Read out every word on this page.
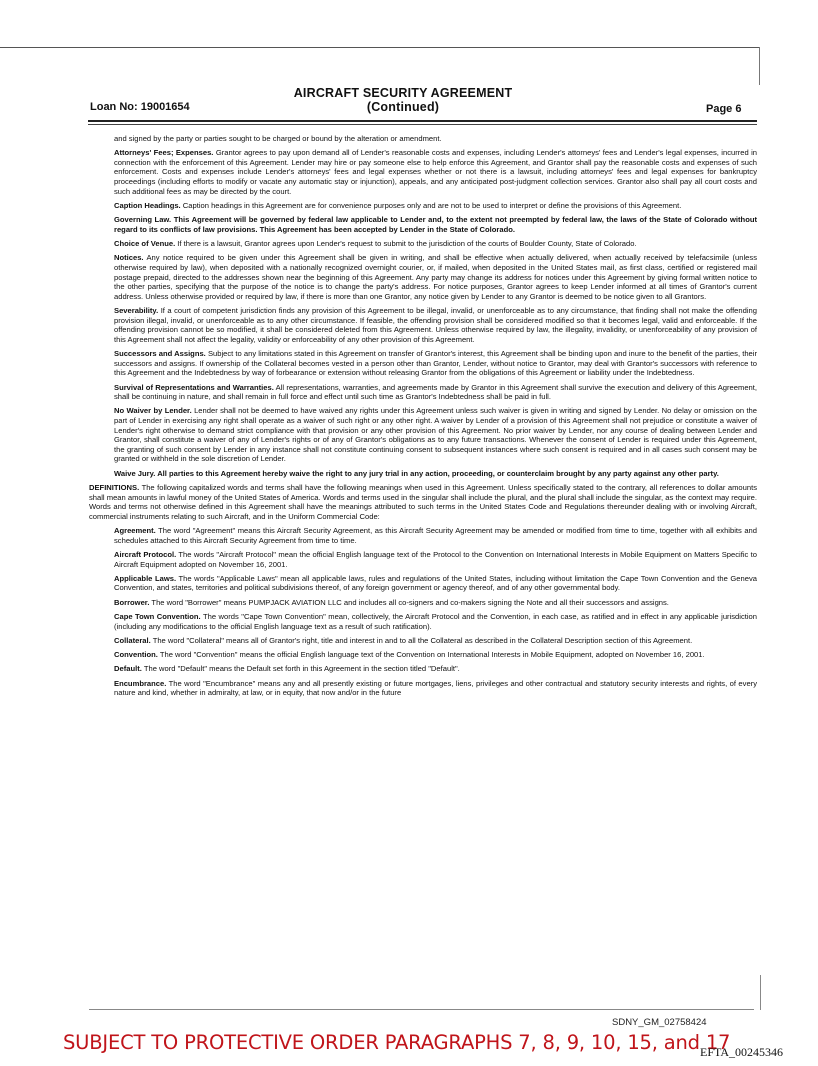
AIRCRAFT SECURITY AGREEMENT
(Continued)
Loan No: 19001654	Page 6

and signed by the party or parties sought to be charged or bound by the alteration or amendment.

Attorneys' Fees; Expenses. Grantor agrees to pay upon demand all of Lender's reasonable costs and expenses, including Lender's attorneys' fees and Lender's legal expenses, incurred in connection with the enforcement of this Agreement. Lender may hire or pay someone else to help enforce this Agreement, and Grantor shall pay the reasonable costs and expenses of such enforcement. Costs and expenses include Lender's attorneys' fees and legal expenses whether or not there is a lawsuit, including attorneys' fees and legal expenses for bankruptcy proceedings (including efforts to modify or vacate any automatic stay or injunction), appeals, and any anticipated post-judgment collection services. Grantor also shall pay all court costs and such additional fees as may be directed by the court.

Caption Headings. Caption headings in this Agreement are for convenience purposes only and are not to be used to interpret or define the provisions of this Agreement.

Governing Law. This Agreement will be governed by federal law applicable to Lender and, to the extent not preempted by federal law, the laws of the State of Colorado without regard to its conflicts of law provisions. This Agreement has been accepted by Lender in the State of Colorado.

Choice of Venue. If there is a lawsuit, Grantor agrees upon Lender's request to submit to the jurisdiction of the courts of Boulder County, State of Colorado.

Notices. Any notice required to be given under this Agreement shall be given in writing, and shall be effective when actually delivered, when actually received by telefacsimile (unless otherwise required by law), when deposited with a nationally recognized overnight courier, or, if mailed, when deposited in the United States mail, as first class, certified or registered mail postage prepaid, directed to the addresses shown near the beginning of this Agreement. Any party may change its address for notices under this Agreement by giving formal written notice to the other parties, specifying that the purpose of the notice is to change the party's address. For notice purposes, Grantor agrees to keep Lender informed at all times of Grantor's current address. Unless otherwise provided or required by law, if there is more than one Grantor, any notice given by Lender to any Grantor is deemed to be notice given to all Grantors.

Severability. If a court of competent jurisdiction finds any provision of this Agreement to be illegal, invalid, or unenforceable as to any circumstance, that finding shall not make the offending provision illegal, invalid, or unenforceable as to any other circumstance. If feasible, the offending provision shall be considered modified so that it becomes legal, valid and enforceable. If the offending provision cannot be so modified, it shall be considered deleted from this Agreement. Unless otherwise required by law, the illegality, invalidity, or unenforceability of any provision of this Agreement shall not affect the legality, validity or enforceability of any other provision of this Agreement.

Successors and Assigns. Subject to any limitations stated in this Agreement on transfer of Grantor's interest, this Agreement shall be binding upon and inure to the benefit of the parties, their successors and assigns. If ownership of the Collateral becomes vested in a person other than Grantor, Lender, without notice to Grantor, may deal with Grantor's successors with reference to this Agreement and the Indebtedness by way of forbearance or extension without releasing Grantor from the obligations of this Agreement or liability under the Indebtedness.

Survival of Representations and Warranties. All representations, warranties, and agreements made by Grantor in this Agreement shall survive the execution and delivery of this Agreement, shall be continuing in nature, and shall remain in full force and effect until such time as Grantor's Indebtedness shall be paid in full.

No Waiver by Lender. Lender shall not be deemed to have waived any rights under this Agreement unless such waiver is given in writing and signed by Lender. No delay or omission on the part of Lender in exercising any right shall operate as a waiver of such right or any other right. A waiver by Lender of a provision of this Agreement shall not prejudice or constitute a waiver of Lender's right otherwise to demand strict compliance with that provision or any other provision of this Agreement. No prior waiver by Lender, nor any course of dealing between Lender and Grantor, shall constitute a waiver of any of Lender's rights or of any of Grantor's obligations as to any future transactions. Whenever the consent of Lender is required under this Agreement, the granting of such consent by Lender in any instance shall not constitute continuing consent to subsequent instances where such consent is required and in all cases such consent may be granted or withheld in the sole discretion of Lender.

Waive Jury. All parties to this Agreement hereby waive the right to any jury trial in any action, proceeding, or counterclaim brought by any party against any other party.

DEFINITIONS. The following capitalized words and terms shall have the following meanings when used in this Agreement. Unless specifically stated to the contrary, all references to dollar amounts shall mean amounts in lawful money of the United States of America. Words and terms used in the singular shall include the plural, and the plural shall include the singular, as the context may require. Words and terms not otherwise defined in this Agreement shall have the meanings attributed to such terms in the United States Code and Regulations thereunder dealing with or involving Aircraft, commercial instruments relating to such Aircraft, and in the Uniform Commercial Code:

Agreement. The word "Agreement" means this Aircraft Security Agreement, as this Aircraft Security Agreement may be amended or modified from time to time, together with all exhibits and schedules attached to this Aircraft Security Agreement from time to time.

Aircraft Protocol. The words "Aircraft Protocol" mean the official English language text of the Protocol to the Convention on International Interests in Mobile Equipment on Matters Specific to Aircraft Equipment adopted on November 16, 2001.

Applicable Laws. The words "Applicable Laws" mean all applicable laws, rules and regulations of the United States, including without limitation the Cape Town Convention and the Geneva Convention, and states, territories and political subdivisions thereof, of any foreign government or agency thereof, and of any other governmental body.

Borrower. The word "Borrower" means PUMPJACK AVIATION LLC and includes all co-signers and co-makers signing the Note and all their successors and assigns.

Cape Town Convention. The words "Cape Town Convention" mean, collectively, the Aircraft Protocol and the Convention, in each case, as ratified and in effect in any applicable jurisdiction (including any modifications to the official English language text as a result of such ratification).

Collateral. The word "Collateral" means all of Grantor's right, title and interest in and to all the Collateral as described in the Collateral Description section of this Agreement.

Convention. The word "Convention" means the official English language text of the Convention on International Interests in Mobile Equipment, adopted on November 16, 2001.

Default. The word "Default" means the Default set forth in this Agreement in the section titled "Default".

Encumbrance. The word "Encumbrance" means any and all presently existing or future mortgages, liens, privileges and other contractual and statutory security interests and rights, of every nature and kind, whether in admiralty, at law, or in equity, that now and/or in the future

SDNY_GM_02758424
SUBJECT TO PROTECTIVE ORDER PARAGRAPHS 7, 8, 9, 10, 15, and 17
EFTA_00245346
